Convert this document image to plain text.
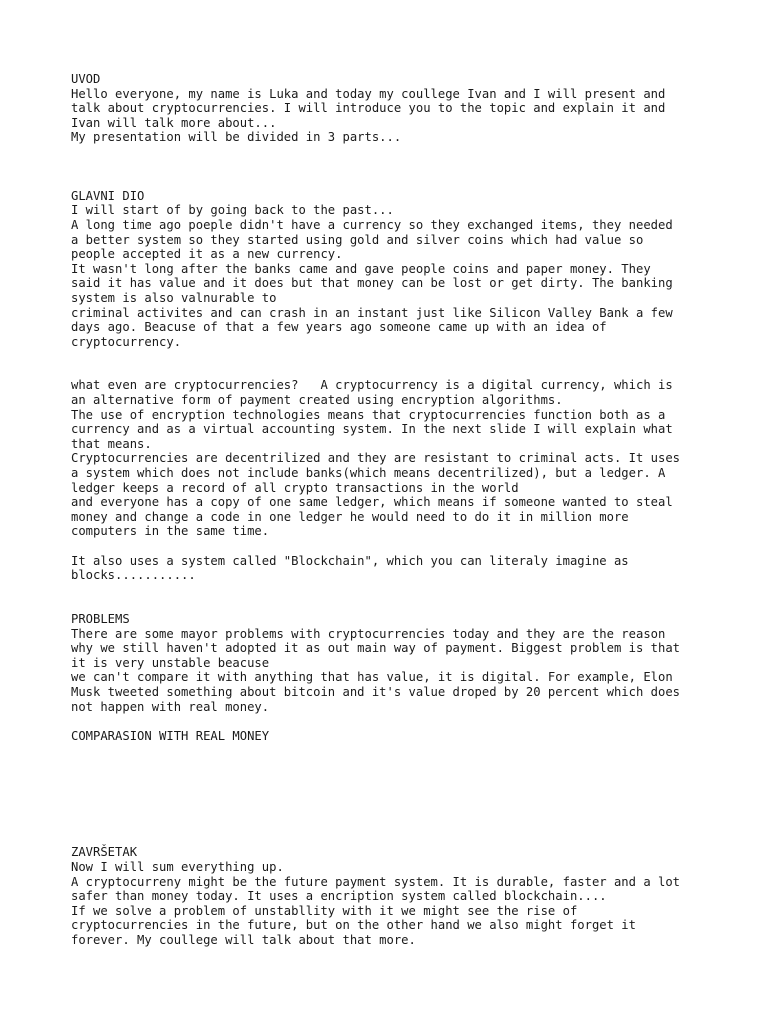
UVOD
Hello everyone, my name is Luka and today my coullege Ivan and I will present and
talk about cryptocurrencies. I will introduce you to the topic and explain it and
Ivan will talk more about...
My presentation will be divided in 3 parts...
GLAVNI DIO
I will start of by going back to the past...
A long time ago poeple didn't have a currency so they exchanged items, they needed
a better system so they started using gold and silver coins which had value so
people accepted it as a new currency.
It wasn't long after the banks came and gave people coins and paper money. They
said it has value and it does but that money can be lost or get dirty. The banking
system is also valnurable to
criminal activites and can crash in an instant just like Silicon Valley Bank a few
days ago. Beacuse of that a few years ago someone came up with an idea of
cryptocurrency.
what even are cryptocurrencies?   A cryptocurrency is a digital currency, which is
an alternative form of payment created using encryption algorithms.
The use of encryption technologies means that cryptocurrencies function both as a
currency and as a virtual accounting system. In the next slide I will explain what
that means.
Cryptocurrencies are decentrilized and they are resistant to criminal acts. It uses
a system which does not include banks(which means decentrilized), but a ledger. A
ledger keeps a record of all crypto transactions in the world
and everyone has a copy of one same ledger, which means if someone wanted to steal
money and change a code in one ledger he would need to do it in million more
computers in the same time.
It also uses a system called "Blockchain", which you can literaly imagine as
blocks...........
PROBLEMS
There are some mayor problems with cryptocurrencies today and they are the reason
why we still haven't adopted it as out main way of payment. Biggest problem is that
it is very unstable beacuse
we can't compare it with anything that has value, it is digital. For example, Elon
Musk tweeted something about bitcoin and it's value droped by 20 percent which does
not happen with real money.
COMPARASION WITH REAL MONEY
ZAVRŠETAK
Now I will sum everything up.
A cryptocurreny might be the future payment system. It is durable, faster and a lot
safer than money today. It uses a encription system called blockchain....
If we solve a problem of unstabllity with it we might see the rise of
cryptocurrencies in the future, but on the other hand we also might forget it
forever. My coullege will talk about that more.
